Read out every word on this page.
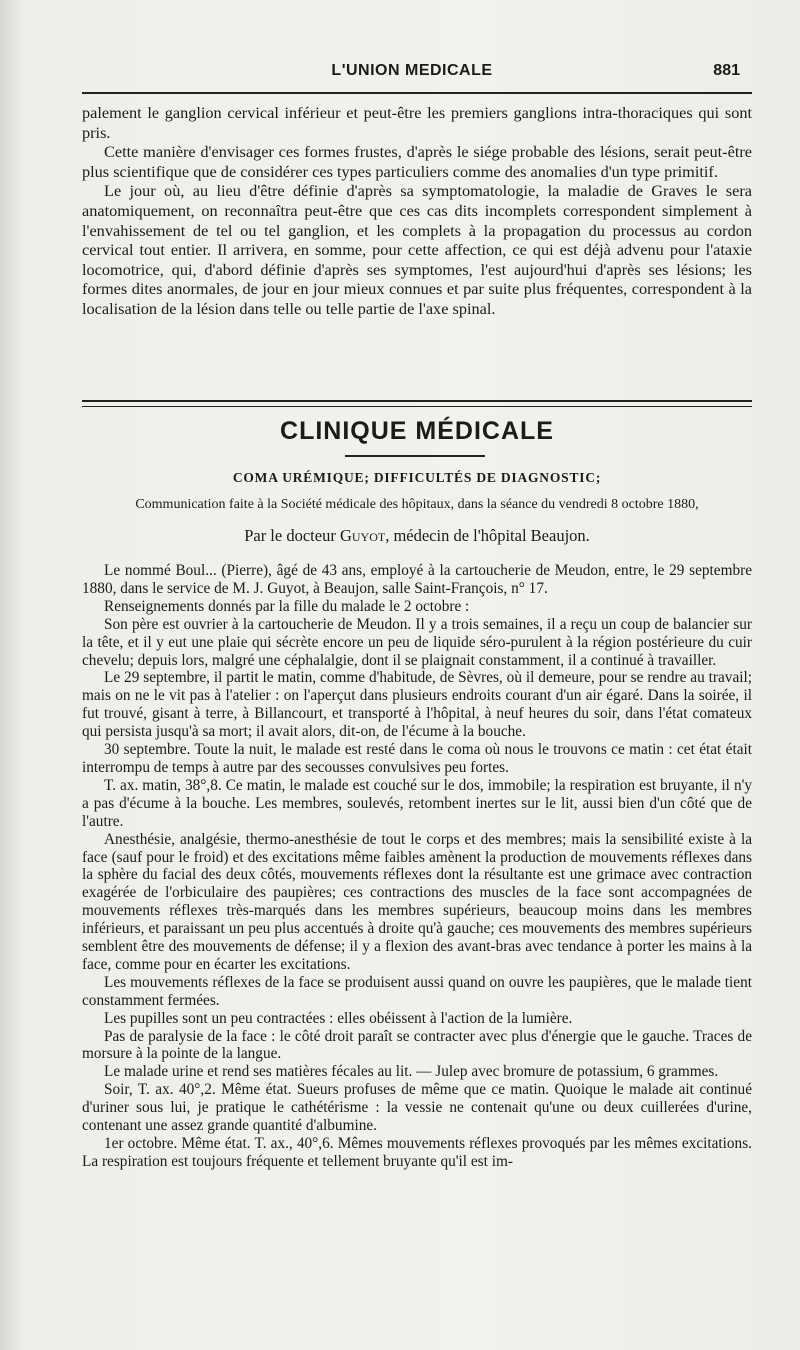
L'UNION MEDICALE	881

palement le ganglion cervical inférieur et peut-être les premiers ganglions intra-thoraciques qui sont pris.

Cette manière d'envisager ces formes frustes, d'après le siége probable des lésions, serait peut-être plus scientifique que de considérer ces types particuliers comme des anomalies d'un type primitif.

Le jour où, au lieu d'être définie d'après sa symptomatologie, la maladie de Graves le sera anatomiquement, on reconnaîtra peut-être que ces cas dits incomplets correspondent simplement à l'envahissement de tel ou tel ganglion, et les complets à la propagation du processus au cordon cervical tout entier. Il arrivera, en somme, pour cette affection, ce qui est déjà advenu pour l'ataxie locomotrice, qui, d'abord définie d'après ses symptomes, l'est aujourd'hui d'après ses lésions; les formes dites anormales, de jour en jour mieux connues et par suite plus fréquentes, correspondent à la localisation de la lésion dans telle ou telle partie de l'axe spinal.

CLINIQUE MÉDICALE
COMA URÉMIQUE; DIFFICULTÉS DE DIAGNOSTIC;
Communication faite à la Société médicale des hôpitaux, dans la séance du vendredi 8 octobre 1880,
Par le docteur Guyot, médecin de l'hôpital Beaujon.

Le nommé Boul... (Pierre), âgé de 43 ans, employé à la cartoucherie de Meudon, entre, le 29 septembre 1880, dans le service de M. J. Guyot, à Beaujon, salle Saint-François, n° 17.

Renseignements donnés par la fille du malade le 2 octobre :

Son père est ouvrier à la cartoucherie de Meudon. Il y a trois semaines, il a reçu un coup de balancier sur la tête, et il y eut une plaie qui sécrète encore un peu de liquide séro-purulent à la région postérieure du cuir chevelu; depuis lors, malgré une céphalalgie, dont il se plaignait constamment, il a continué à travailler.

Le 29 septembre, il partit le matin, comme d'habitude, de Sèvres, où il demeure, pour se rendre au travail; mais on ne le vit pas à l'atelier : on l'aperçut dans plusieurs endroits courant d'un air égaré. Dans la soirée, il fut trouvé, gisant à terre, à Billancourt, et transporté à l'hôpital, à neuf heures du soir, dans l'état comateux qui persista jusqu'à sa mort; il avait alors, dit-on, de l'écume à la bouche.

30 septembre. Toute la nuit, le malade est resté dans le coma où nous le trouvons ce matin : cet état était interrompu de temps à autre par des secousses convulsives peu fortes.

T. ax. matin, 38°,8. Ce matin, le malade est couché sur le dos, immobile; la respiration est bruyante, il n'y a pas d'écume à la bouche. Les membres, soulevés, retombent inertes sur le lit, aussi bien d'un côté que de l'autre.

Anesthésie, analgésie, thermo-anesthésie de tout le corps et des membres; mais la sensibilité existe à la face (sauf pour le froid) et des excitations même faibles amènent la production de mouvements réflexes dans la sphère du facial des deux côtés, mouvements réflexes dont la résultante est une grimace avec contraction exagérée de l'orbiculaire des paupières; ces contractions des muscles de la face sont accompagnées de mouvements réflexes très-marqués dans les membres supérieurs, beaucoup moins dans les membres inférieurs, et paraissant un peu plus accentués à droite qu'à gauche; ces mouvements des membres supérieurs semblent être des mouvements de défense; il y a flexion des avant-bras avec tendance à porter les mains à la face, comme pour en écarter les excitations.

Les mouvements réflexes de la face se produisent aussi quand on ouvre les paupières, que le malade tient constamment fermées.

Les pupilles sont un peu contractées : elles obéissent à l'action de la lumière.

Pas de paralysie de la face : le côté droit paraît se contracter avec plus d'énergie que le gauche. Traces de morsure à la pointe de la langue.

Le malade urine et rend ses matières fécales au lit. — Julep avec bromure de potassium, 6 grammes.

Soir, T. ax. 40°,2. Même état. Sueurs profuses de même que ce matin. Quoique le malade ait continué d'uriner sous lui, je pratique le cathétérisme : la vessie ne contenait qu'une ou deux cuillerées d'urine, contenant une assez grande quantité d'albumine.

1er octobre. Même état. T. ax., 40°,6. Mêmes mouvements réflexes provoqués par les mêmes excitations. La respiration est toujours fréquente et tellement bruyante qu'il est im-
